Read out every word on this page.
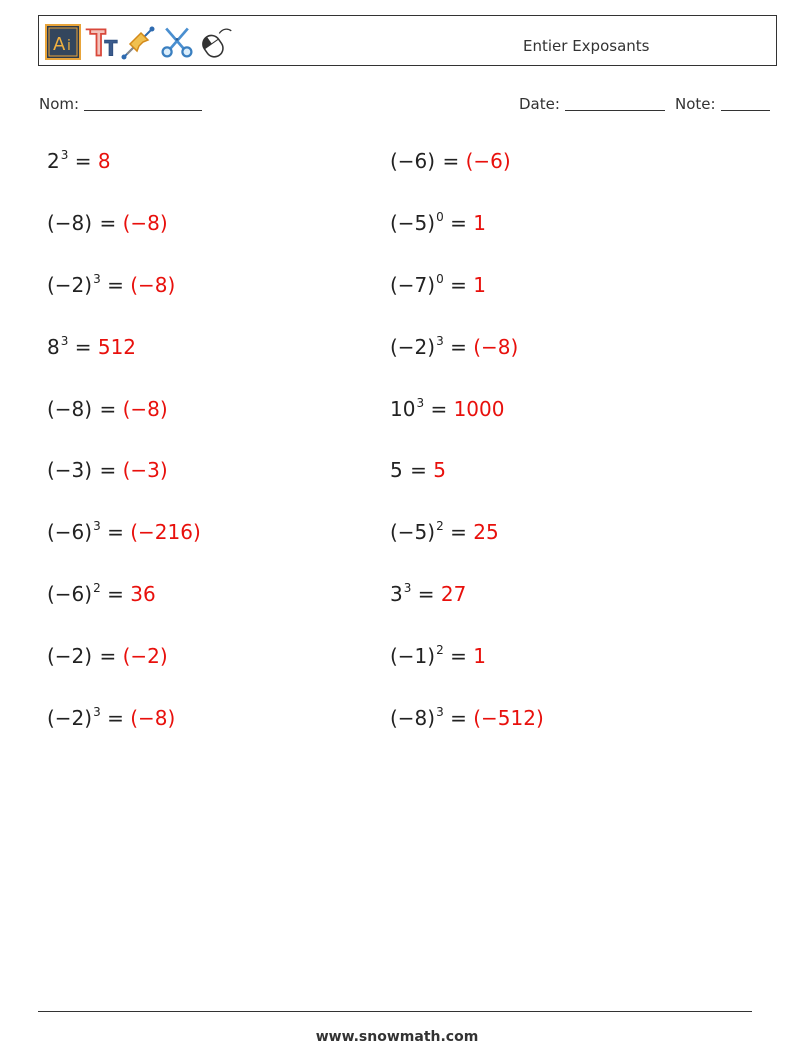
A i	Entier Exposants
Nom:	Date:	Note:
$2^3 = 8$
(−8) = (−8)
$(-2)^3 = (-8)$
$8^3 = 512$
(−8) = (−8)
(−3) = (−3)
$(-6)^3 = (-216)$
$(-6)^2 = 36$
(−2) = (−2)
$(-2)^3 = (-8)$
(−6) = (−6)
$(-5)^0 = 1$
$(-7)^0 = 1$
$(-2)^3 = (-8)$
$10^3 = 1000$
5 = 5
$(-5)^2 = 25$
$3^3 = 27$
$(-1)^2 = 1$
$(-8)^3 = (-512)$
www.snowmath.com
